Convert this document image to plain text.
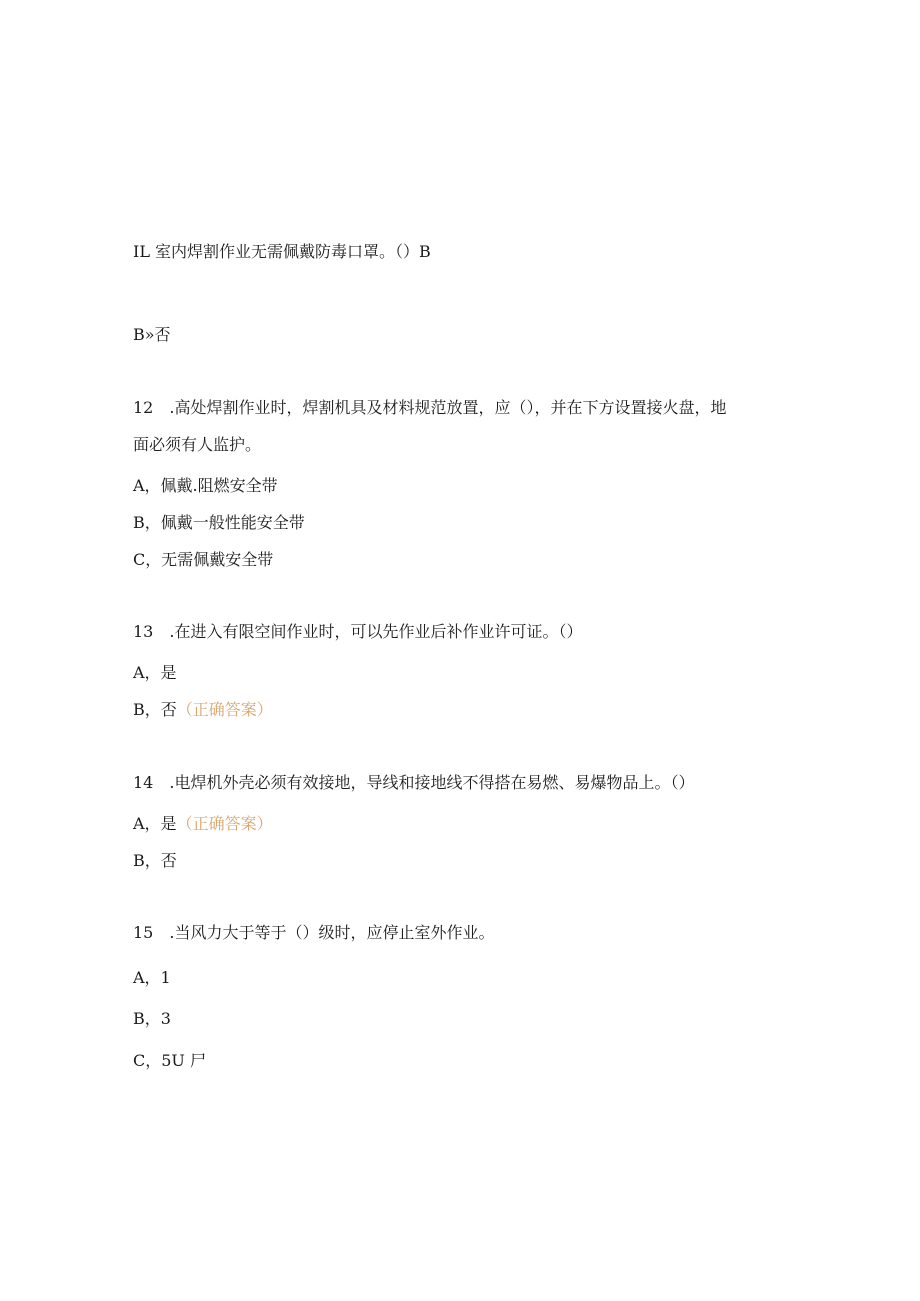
IL 室内焊割作业无需佩戴防毒口罩。（）B
B»否
12　.高处焊割作业时，焊割机具及材料规范放置，应（），并在下方设置接火盘，地
面必须有人监护。
A，佩戴.阻燃安全带
B，佩戴一般性能安全带
C，无需佩戴安全带
13　.在进入有限空间作业时，可以先作业后补作业许可证。（）
A，是
B，否（正确答案）
14　.电焊机外壳必须有效接地，导线和接地线不得搭在易燃、易爆物品上。（）
A，是（正确答案）
B，否
15　.当风力大于等于（）级时，应停止室外作业。
A，1
B，3
C，5U 尸
